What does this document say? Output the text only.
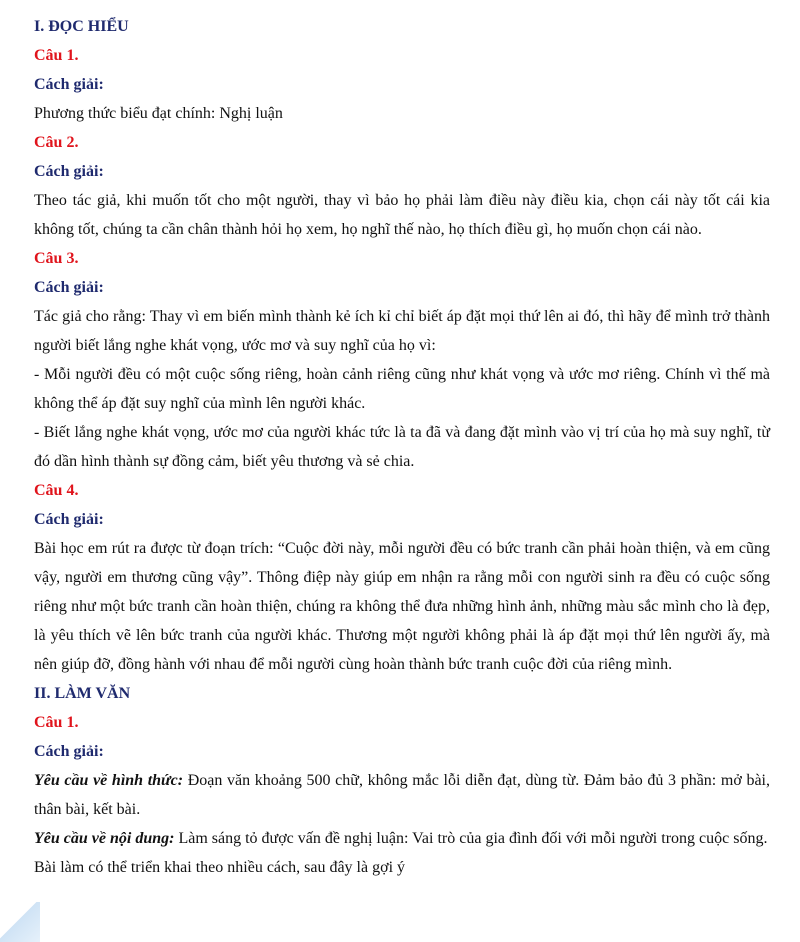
I. ĐỌC HIỂU

Câu 1.

Cách giải:

Phương thức biểu đạt chính: Nghị luận

Câu 2.

Cách giải:

Theo tác giả, khi muốn tốt cho một người, thay vì bảo họ phải làm điều này điều kia, chọn cái này tốt cái kia không tốt, chúng ta cần chân thành hỏi họ xem, họ nghĩ thế nào, họ thích điều gì, họ muốn chọn cái nào.

Câu 3.

Cách giải:

Tác giả cho rằng: Thay vì em biến mình thành kẻ ích kỉ chỉ biết áp đặt mọi thứ lên ai đó, thì hãy để mình trở thành người biết lắng nghe khát vọng, ước mơ và suy nghĩ của họ vì:

- Mỗi người đều có một cuộc sống riêng, hoàn cảnh riêng cũng như khát vọng và ước mơ riêng. Chính vì thế mà không thể áp đặt suy nghĩ của mình lên người khác.

- Biết lắng nghe khát vọng, ước mơ của người khác tức là ta đã và đang đặt mình vào vị trí của họ mà suy nghĩ, từ đó dần hình thành sự đồng cảm, biết yêu thương và sẻ chia.

Câu 4.

Cách giải:

Bài học em rút ra được từ đoạn trích: “Cuộc đời này, mỗi người đều có bức tranh cần phải hoàn thiện, và em cũng vậy, người em thương cũng vậy”. Thông điệp này giúp em nhận ra rằng mỗi con người sinh ra đều có cuộc sống riêng như một bức tranh cần hoàn thiện, chúng ra không thể đưa những hình ảnh, những màu sắc mình cho là đẹp, là yêu thích vẽ lên bức tranh của người khác. Thương một người không phải là áp đặt mọi thứ lên người ấy, mà nên giúp đỡ, đồng hành với nhau để mỗi người cùng hoàn thành bức tranh cuộc đời của riêng mình.

II. LÀM VĂN

Câu 1.

Cách giải:

Yêu cầu về hình thức: Đoạn văn khoảng 500 chữ, không mắc lỗi diễn đạt, dùng từ. Đảm bảo đủ 3 phần: mở bài, thân bài, kết bài.

Yêu cầu về nội dung: Làm sáng tỏ được vấn đề nghị luận: Vai trò của gia đình đối với mỗi người trong cuộc sống.

Bài làm có thể triển khai theo nhiều cách, sau đây là gợi ý
